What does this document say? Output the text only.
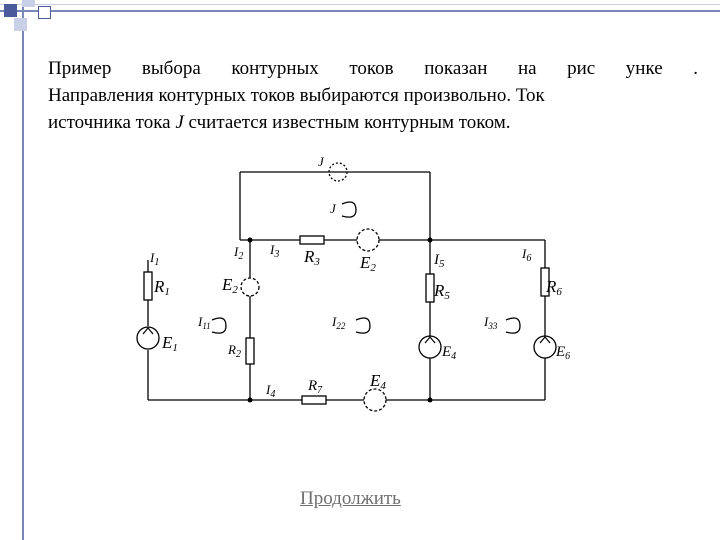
Пример выбора контурных токов показан на рис унке .
Направления контурных токов выбираются произвольно. Ток
источника тока J считается известным контурным током.
J
J
$I_1$
$I_2$ $I_3$ R3 E2	$I_5$
$I_6$
R1	E2	R5	R6
$I_{11}$	$I_{22}$	$I_{33}$
E1	$R_2$	$E_4$	$E_6$
$I_4$
$R_7$
E4
Продолжить
